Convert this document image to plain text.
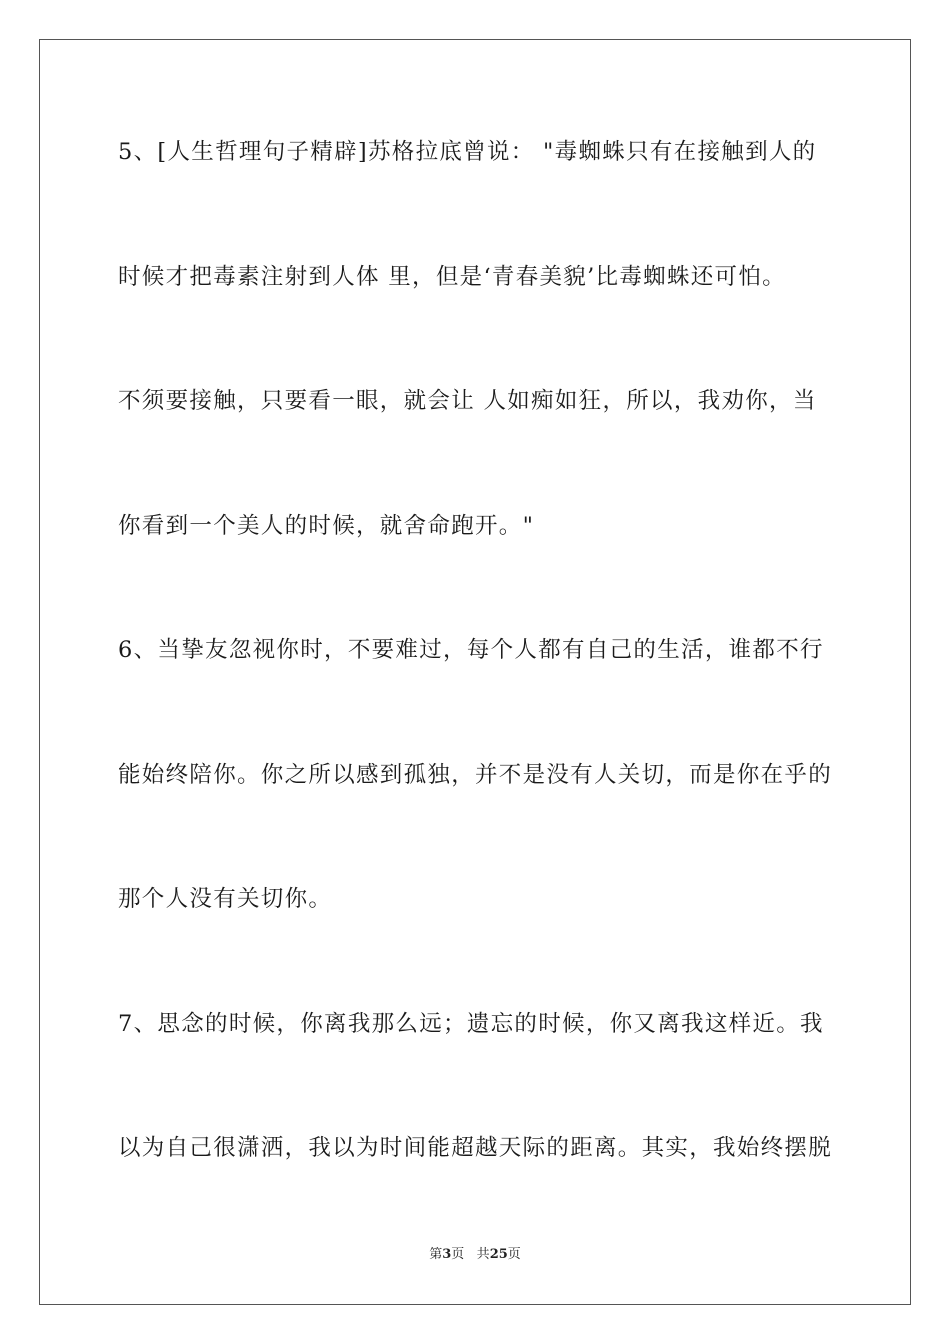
5、[人生哲理句子精辟]苏格拉底曾说： "毒蜘蛛只有在接触到人的
时候才把毒素注射到人体 里，但是‘青春美貌’比毒蜘蛛还可怕。
不须要接触，只要看一眼，就会让 人如痴如狂，所以，我劝你，当
你看到一个美人的时候，就舍命跑开。"
6、当挚友忽视你时，不要难过，每个人都有自己的生活，谁都不行
能始终陪你。你之所以感到孤独，并不是没有人关切，而是你在乎的
那个人没有关切你。
7、思念的时候，你离我那么远；遗忘的时候，你又离我这样近。我
以为自己很潇洒，我以为时间能超越天际的距离。其实，我始终摆脱
第3页 共25页
